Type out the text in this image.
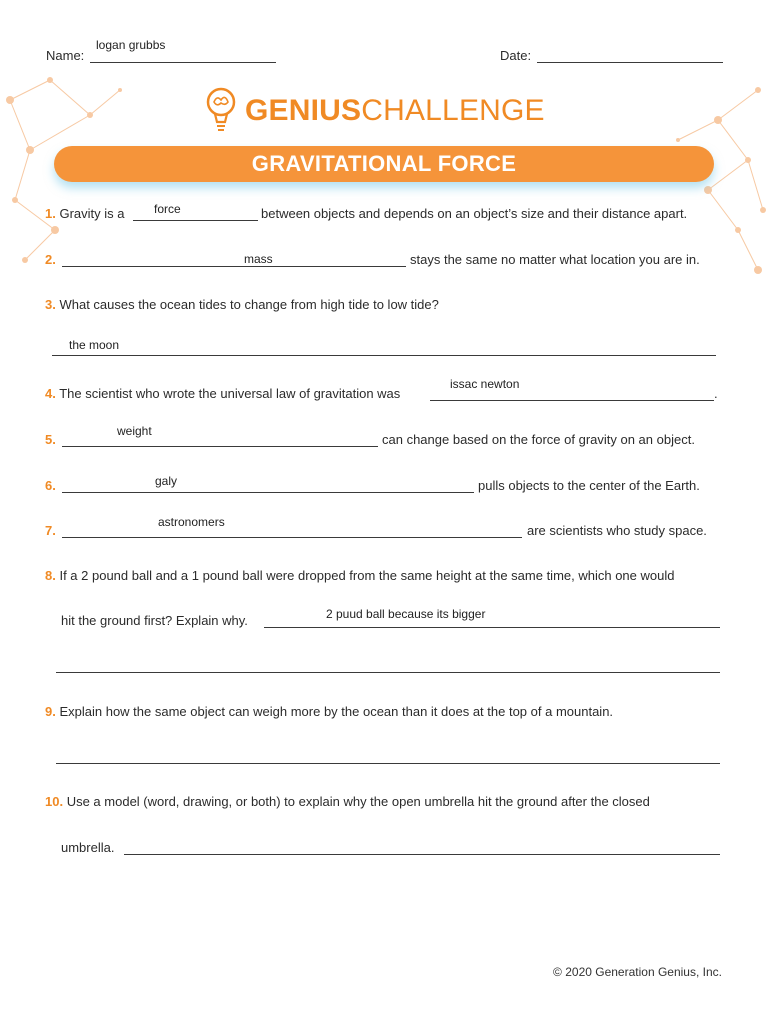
Name:
logan grubbs
Date:
GENIUSCHALLENGE
GRAVITATIONAL FORCE
1. Gravity is a force	between objects and depends on an object’s size and their distance apart.
2.	mass	stays the same no matter what location you are in.
3. What causes the ocean tides to change from high tide to low tide?
the moon
4. The scientist who wrote the universal law of gravitation was
issac newton
.
5.
weight
can change based on the force of gravity on an object.
6.	galy	pulls objects to the center of the Earth.
7.
astronomers
are scientists who study space.
8. If a 2 pound ball and a 1 pound ball were dropped from the same height at the same time, which one would
hit the ground first? Explain why.	2 puud ball because its bigger
9. Explain how the same object can weigh more by the ocean than it does at the top of a mountain.
10. Use a model (word, drawing, or both) to explain why the open umbrella hit the ground after the closed
umbrella.
© 2020 Generation Genius, Inc.
